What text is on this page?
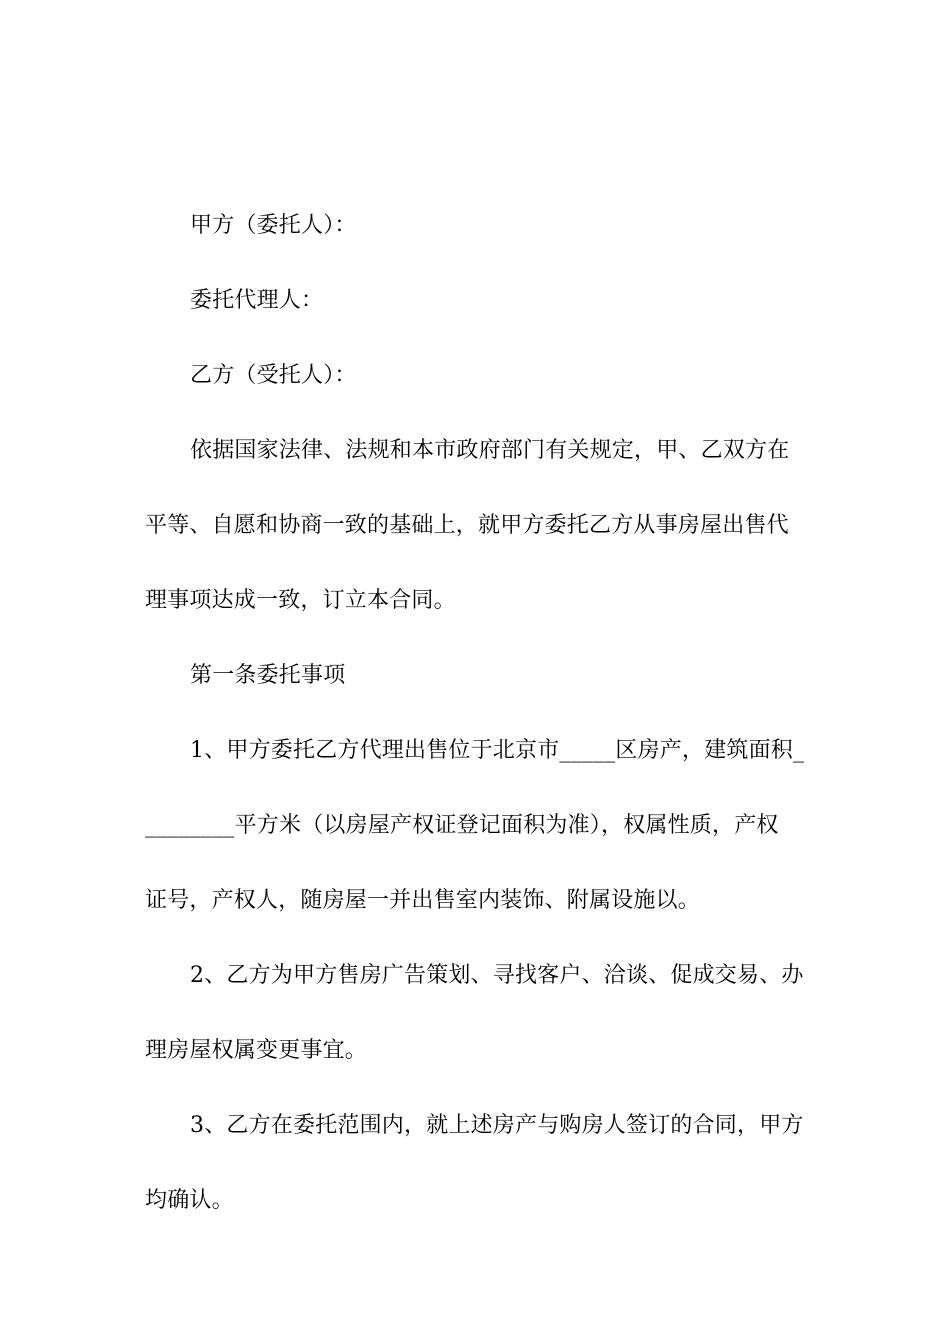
甲方（委托人）：
委托代理人：
乙方（受托人）：
依据国家法律、法规和本市政府部门有关规定，甲、乙双方在
平等、自愿和协商一致的基础上，就甲方委托乙方从事房屋出售代
理事项达成一致，订立本合同。
第一条委托事项
1、甲方委托乙方代理出售位于北京市_____区房产，建筑面积_
________平方米（以房屋产权证登记面积为准），权属性质，产权
证号，产权人，随房屋一并出售室内装饰、附属设施以。
2、乙方为甲方售房广告策划、寻找客户、洽谈、促成交易、办
理房屋权属变更事宜。
3、乙方在委托范围内，就上述房产与购房人签订的合同，甲方
均确认。
